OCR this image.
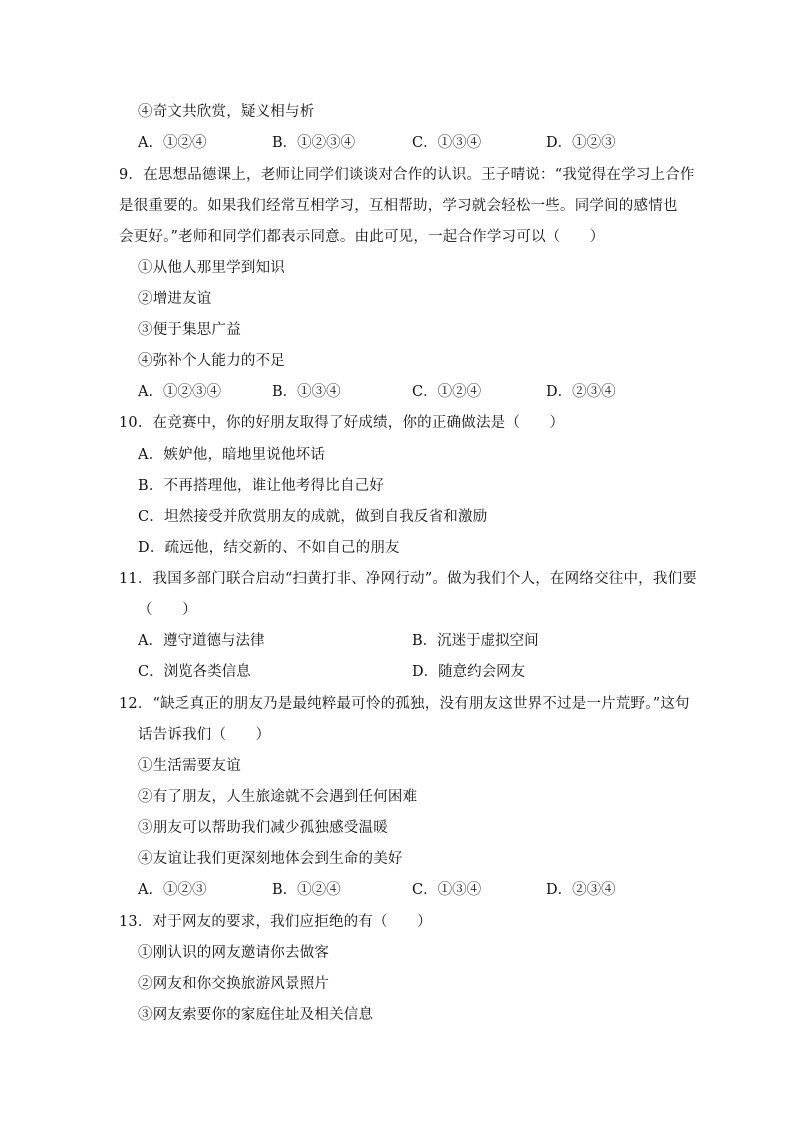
④奇文共欣赏，疑义相与析
A．①②④	B．①②③④	C．①③④	D．①②③
9．在思想品德课上，老师让同学们谈谈对合作的认识。王子晴说：“我觉得在学习上合作
是很重要的。如果我们经常互相学习，互相帮助，学习就会轻松一些。同学间的感情也
会更好。”老师和同学们都表示同意。由此可见，一起合作学习可以（　　）
①从他人那里学到知识
②增进友谊
③便于集思广益
④弥补个人能力的不足
A．①②③④	B．①③④	C．①②④	D．②③④
10．在竞赛中，你的好朋友取得了好成绩，你的正确做法是（　　）
A．嫉妒他，暗地里说他坏话
B．不再搭理他，谁让他考得比自己好
C．坦然接受并欣赏朋友的成就，做到自我反省和激励
D．疏远他，结交新的、不如自己的朋友
11．我国多部门联合启动“扫黄打非、净网行动”。做为我们个人，在网络交往中，我们要
（　　）
A．遵守道德与法律	B．沉迷于虚拟空间
C．浏览各类信息	D．随意约会网友
12．“缺乏真正的朋友乃是最纯粹最可怜的孤独，没有朋友这世界不过是一片荒野。”这句
话告诉我们（　　）
①生活需要友谊
②有了朋友，人生旅途就不会遇到任何困难
③朋友可以帮助我们减少孤独感受温暖
④友谊让我们更深刻地体会到生命的美好
A．①②③	B．①②④	C．①③④	D．②③④
13．对于网友的要求，我们应拒绝的有（　　）
①刚认识的网友邀请你去做客
②网友和你交换旅游风景照片
③网友索要你的家庭住址及相关信息
